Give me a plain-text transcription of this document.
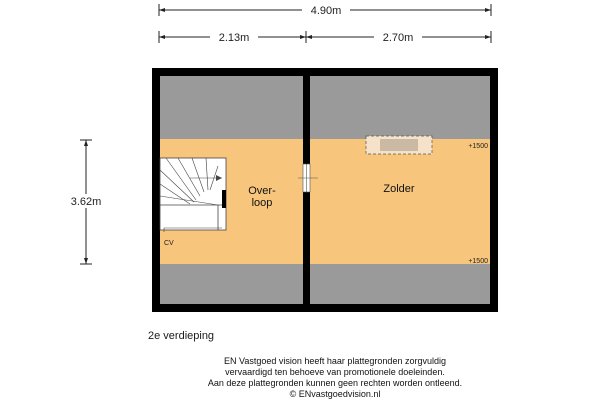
4.90m
2.13m	2.70m
3.62m
Over-
loop
Zolder
CV
+1500
+1500
2e verdieping
EN Vastgoed vision heeft haar plattegronden zorgvuldig
vervaardigd ten behoeve van promotionele doeleinden.
Aan deze plattegronden kunnen geen rechten worden ontleend.
© ENvastgoedvision.nl
